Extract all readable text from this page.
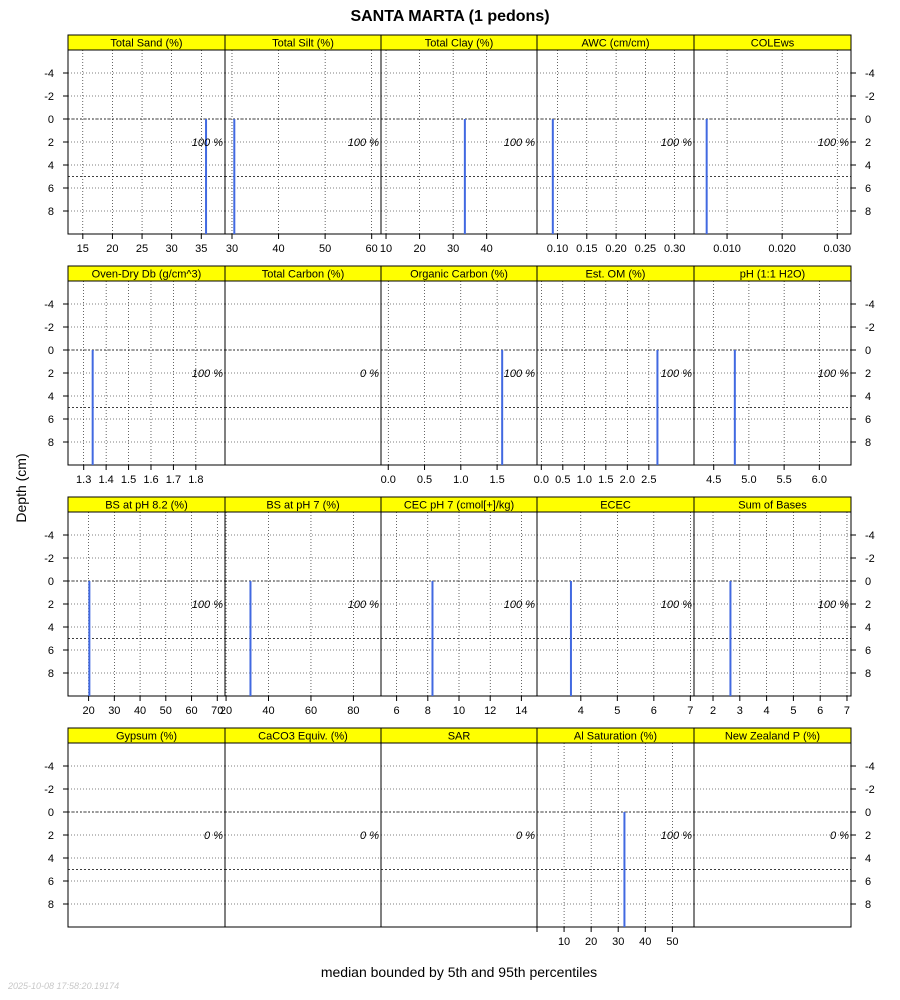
SANTA MARTA (1 pedons)
Depth (cm)
median bounded by 5th and 95th percentiles
2025-10-08 17:58:20.19174
Total Sand (%)
100 %
15 20 25 30 35
Total Silt (%)
100 %
30	40	50	60
Total Clay (%)
100 %
10 20 30 40
AWC (cm/cm)
100 %
0.10 0.15 0.20 0.25 0.30
COLEws
100 %
0.010	0.020	0.030
Oven-Dry Db (g/cm^3)
100 %
1.3 1.4 1.5 1.6 1.7 1.8
Total Carbon (%)
0 %
Organic Carbon (%)
100 %
0.0 0.5 1.0 1.5
Est. OM (%)
100 %
0.0 0.5 1.0 1.5 2.0 2.5
pH (1:1 H2O)
100 %
4.5 5.0 5.5 6.0
BS at pH 8.2 (%)
100 %
20 30 40 50 60 70
BS at pH 7 (%)
100 %
20	40	60	80
CEC pH 7 (cmol[+]/kg)
100 %
6 8 10 12 14
ECEC
100 %
4	5	6	7
Sum of Bases
100 %
2 3 4 5 6 7
Gypsum (%)
0 %
CaCO3 Equiv. (%)
0 %
SAR
0 %
Al Saturation (%)
100 %
10 20 30 40 50
New Zealand P (%)
0 %
-4	-4
-2	-2
0	0
2	2
4	4
6	6
8	8
-4	-4
-2	-2
0	0
2	2
4	4
6	6
8	8
-4	-4
-2	-2
0	0
2	2
4	4
6	6
8	8
-4	-4
-2	-2
0	0
2	2
4	4
6	6
8	8
